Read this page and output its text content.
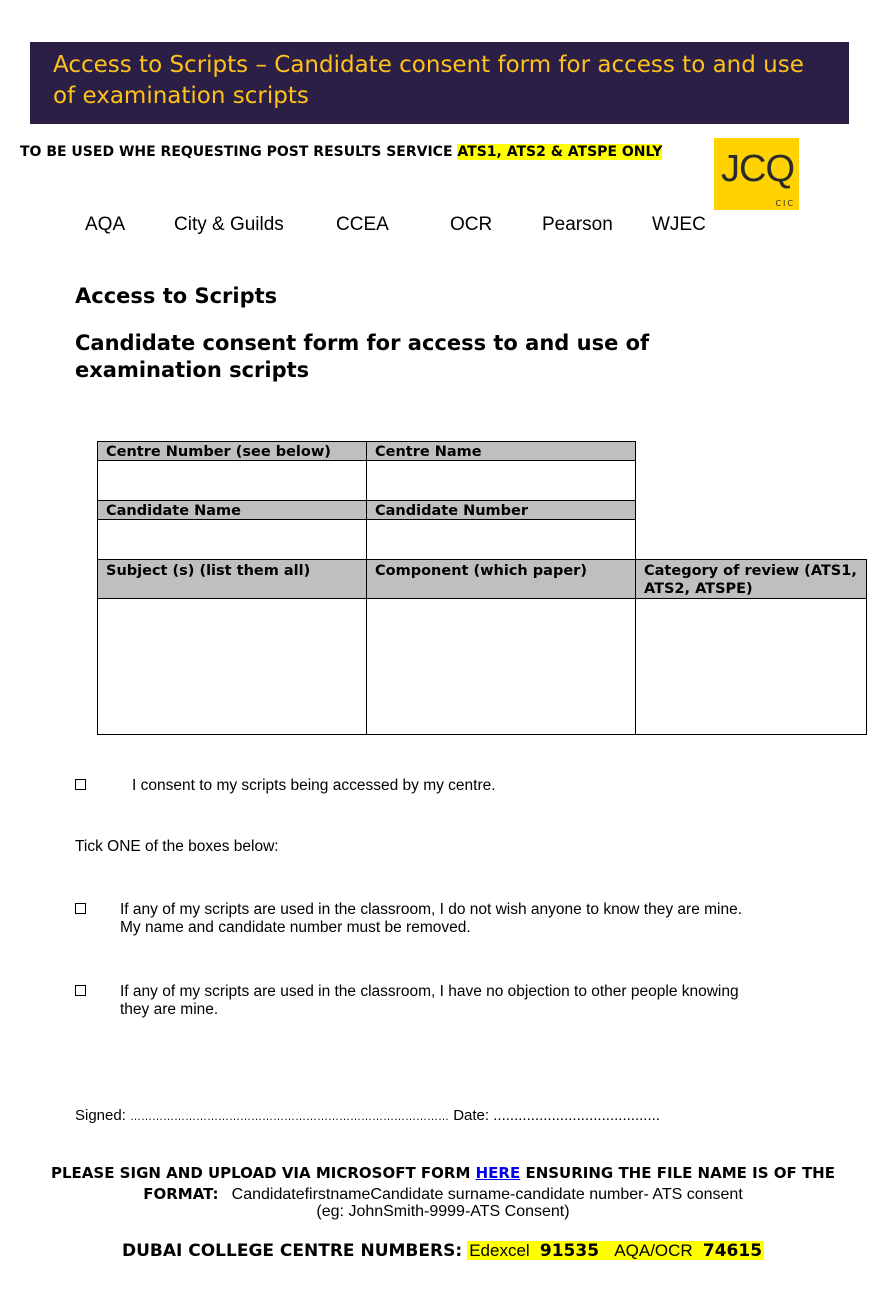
Access to Scripts – Candidate consent form for access to and use
of examination scripts
TO BE USED WHE REQUESTING POST RESULTS SERVICE ATS1, ATS2 & ATSPE ONLY JCQ
CIC
AQA	City & Guilds	CCEA	OCR	Pearson WJEC
Access to Scripts
Candidate consent form for access to and use of examination scripts
Centre Number (see below)	Centre Name
Candidate Name	Candidate Number
Subject (s) (list them all)	Component (which paper)	Category of review (ATS1, ATS2, ATSPE)
I consent to my scripts being accessed by my centre.
Tick ONE of the boxes below:
If any of my scripts are used in the classroom, I do not wish anyone to know they are mine.
My name and candidate number must be removed.
If any of my scripts are used in the classroom, I have no objection to other people knowing
they are mine.
Signed: …………………………………………………………………………… Date: ........................................
PLEASE SIGN AND UPLOAD VIA MICROSOFT FORM HERE ENSURING THE FILE NAME IS OF THE
FORMAT: CandidatefirstnameCandidate surname-candidate number- ATS consent
(eg: JohnSmith-9999-ATS Consent)
DUBAI COLLEGE CENTRE NUMBERS: Edexcel 91535 AQA/OCR 74615
